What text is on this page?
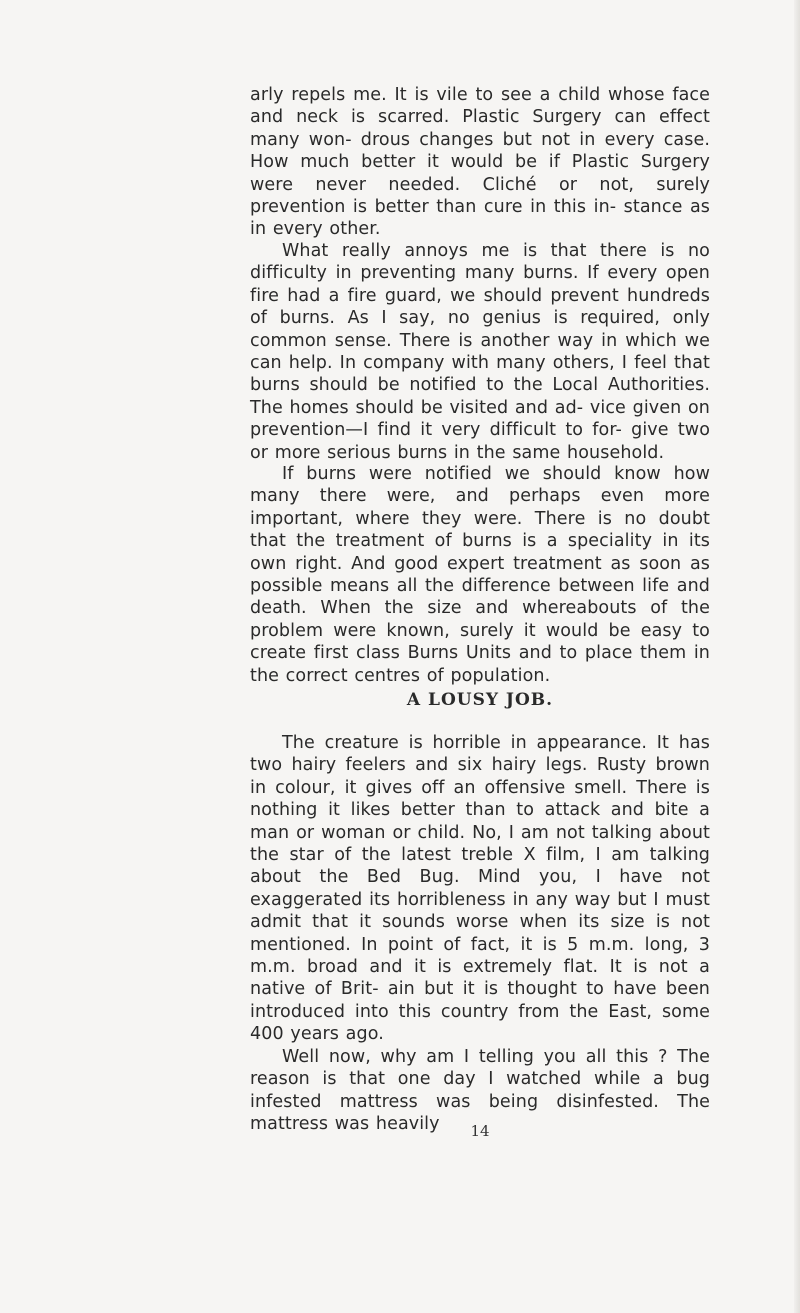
arly repels me. It is vile to see a child whose face and neck is scarred. Plastic Surgery can effect many won- drous changes but not in every case. How much better it would be if Plastic Surgery were never needed. Cliché or not, surely prevention is better than cure in this in- stance as in every other.

What really annoys me is that there is no difficulty in preventing many burns. If every open fire had a fire guard, we should prevent hundreds of burns. As I say, no genius is required, only common sense. There is another way in which we can help. In company with many others, I feel that burns should be notified to the Local Authorities. The homes should be visited and ad- vice given on prevention—I find it very difficult to for- give two or more serious burns in the same household.

If burns were notified we should know how many there were, and perhaps even more important, where they were. There is no doubt that the treatment of burns is a speciality in its own right. And good expert treatment as soon as possible means all the difference between life and death. When the size and whereabouts of the problem were known, surely it would be easy to create first class Burns Units and to place them in the correct centres of population.

A LOUSY JOB.

The creature is horrible in appearance. It has two hairy feelers and six hairy legs. Rusty brown in colour, it gives off an offensive smell. There is nothing it likes better than to attack and bite a man or woman or child. No, I am not talking about the star of the latest treble X film, I am talking about the Bed Bug. Mind you, I have not exaggerated its horribleness in any way but I must admit that it sounds worse when its size is not mentioned. In point of fact, it is 5 m.m. long, 3 m.m. broad and it is extremely flat. It is not a native of Brit- ain but it is thought to have been introduced into this country from the East, some 400 years ago.

Well now, why am I telling you all this ? The reason is that one day I watched while a bug infested mattress was being disinfested. The mattress was heavily	14
